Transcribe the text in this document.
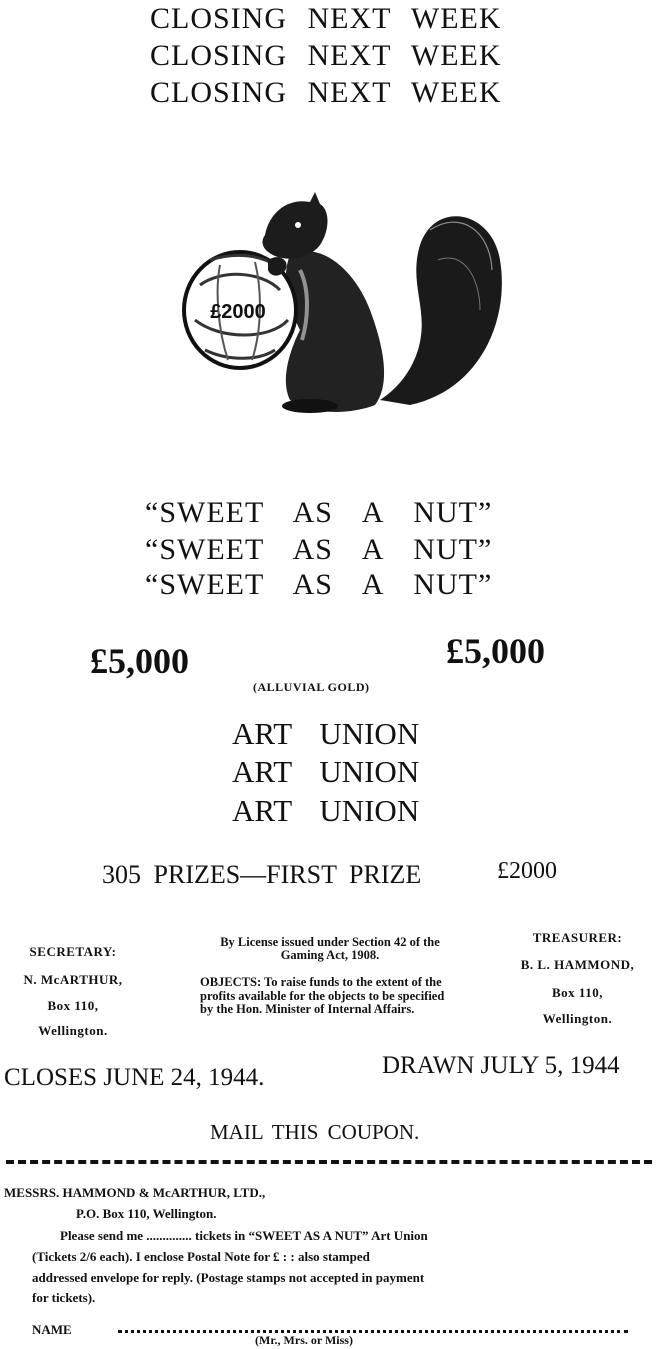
CLOSING NEXT WEEK
CLOSING NEXT WEEK
CLOSING NEXT WEEK
£2000
“SWEET AS A NUT”
“SWEET AS A NUT”
“SWEET AS A NUT”
£5,000	£5,000
(ALLUVIAL GOLD)
ART UNION
ART UNION
ART UNION
305 PRIZES—FIRST PRIZE	£2000
SECRETARY:
N. McARTHUR,
Box 110,
Wellington.
By License issued under Section 42 of the Gaming Act, 1908.
OBJECTS: To raise funds to the extent of the profits available for the objects to be specified by the Hon. Minister of Internal Affairs.
TREASURER:
B. L. HAMMOND,
Box 110,
Wellington.
CLOSES JUNE 24, 1944.	DRAWN JULY 5, 1944
MAIL THIS COUPON.
MESSRS. HAMMOND & McARTHUR, LTD.,
P.O. Box 110, Wellington.
Please send me .............. tickets in “SWEET AS A NUT” Art Union
(Tickets 2/6 each). I enclose Postal Note for £ : : also stamped
addressed envelope for reply. (Postage stamps not accepted in payment
for tickets).
NAME
(Mr., Mrs. or Miss)
